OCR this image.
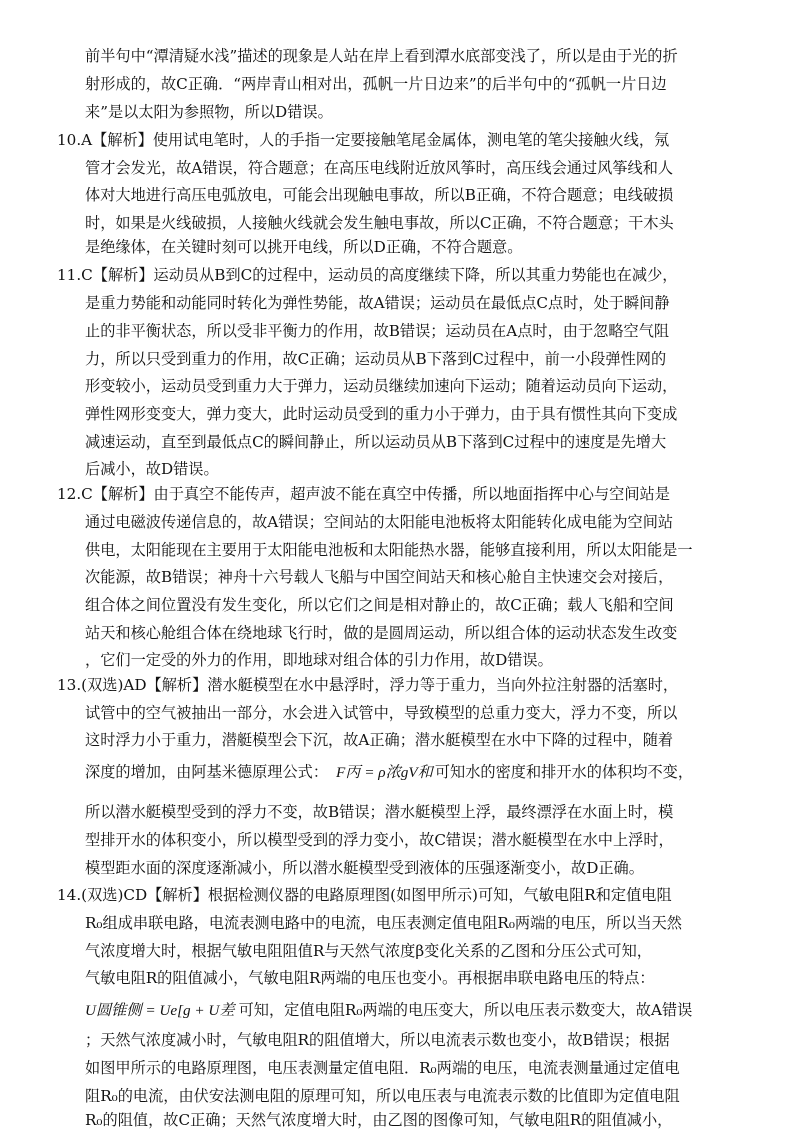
前半句中“潭清疑水浅”描述的现象是人站在岸上看到潭水底部变浅了，所以是由于光的折
射形成的，故C正确．“两岸青山相对出，孤帆一片日边来”的后半句中的“孤帆一片日边
来”是以太阳为参照物，所以D错误。
10.A【解析】使用试电笔时，人的手指一定要接触笔尾金属体，测电笔的笔尖接触火线，氖
管才会发光，故A错误，符合题意；在高压电线附近放风筝时，高压线会通过风筝线和人
体对大地进行高压电弧放电，可能会出现触电事故，所以B正确，不符合题意；电线破损
时，如果是火线破损，人接触火线就会发生触电事故，所以C正确，不符合题意；干木头
是绝缘体，在关键时刻可以挑开电线，所以D正确，不符合题意。
11.C【解析】运动员从B到C的过程中，运动员的高度继续下降，所以其重力势能也在减少，
是重力势能和动能同时转化为弹性势能，故A错误；运动员在最低点C点时，处于瞬间静
止的非平衡状态，所以受非平衡力的作用，故B错误；运动员在A点时，由于忽略空气阻
力，所以只受到重力的作用，故C正确；运动员从B下落到C过程中，前一小段弹性网的
形变较小，运动员受到重力大于弹力，运动员继续加速向下运动；随着运动员向下运动，
弹性网形变变大，弹力变大，此时运动员受到的重力小于弹力，由于具有惯性其向下变成
减速运动，直至到最低点C的瞬间静止，所以运动员从B下落到C过程中的速度是先增大
后减小，故D错误。
12.C【解析】由于真空不能传声，超声波不能在真空中传播，所以地面指挥中心与空间站是
通过电磁波传递信息的，故A错误；空间站的太阳能电池板将太阳能转化成电能为空间站
供电，太阳能现在主要用于太阳能电池板和太阳能热水器，能够直接利用，所以太阳能是一
次能源，故B错误；神舟十六号载人飞船与中国空间站天和核心舱自主快速交会对接后，
组合体之间位置没有发生变化，所以它们之间是相对静止的，故C正确；载人飞船和空间
站天和核心舱组合体在绕地球飞行时，做的是圆周运动，所以组合体的运动状态发生改变
，它们一定受的外力的作用，即地球对组合体的引力作用，故D错误。
13.(双选)AD【解析】潜水艇模型在水中悬浮时，浮力等于重力，当向外拉注射器的活塞时，
试管中的空气被抽出一部分，水会进入试管中，导致模型的总重力变大，浮力不变，所以
这时浮力小于重力，潜艇模型会下沉，故A正确；潜水艇模型在水中下降的过程中，随着
深度的增加，由阿基米德原理公式： F丙 = ρ浓gV和 可知水的密度和排开水的体积均不变，
所以潜水艇模型受到的浮力不变，故B错误；潜水艇模型上浮，最终漂浮在水面上时，模
型排开水的体积变小，所以模型受到的浮力变小，故C错误；潜水艇模型在水中上浮时，
模型距水面的深度逐渐减小，所以潜水艇模型受到液体的压强逐渐变小，故D正确。
14.(双选)CD【解析】根据检测仪器的电路原理图(如图甲所示)可知，气敏电阻R和定值电阻
R₀组成串联电路，电流表测电路中的电流，电压表测定值电阻R₀两端的电压，所以当天然
气浓度增大时，根据气敏电阻阻值R与天然气浓度β变化关系的乙图和分压公式可知，
气敏电阻R的阻值减小，气敏电阻R两端的电压也变小。再根据串联电路电压的特点：
U圆锥侧 = Ue[g + U差 可知，定值电阻R₀两端的电压变大，所以电压表示数变大，故A错误
；天然气浓度减小时，气敏电阻R的阻值增大，所以电流表示数也变小，故B错误；根据
如图甲所示的电路原理图，电压表测量定值电阻．R₀两端的电压，电流表测量通过定值电
阻R₀的电流，由伏安法测电阻的原理可知，所以电压表与电流表示数的比值即为定值电阻
R₀的阻值，故C正确；天然气浓度增大时，由乙图的图像可知，气敏电阻R的阻值减小，
